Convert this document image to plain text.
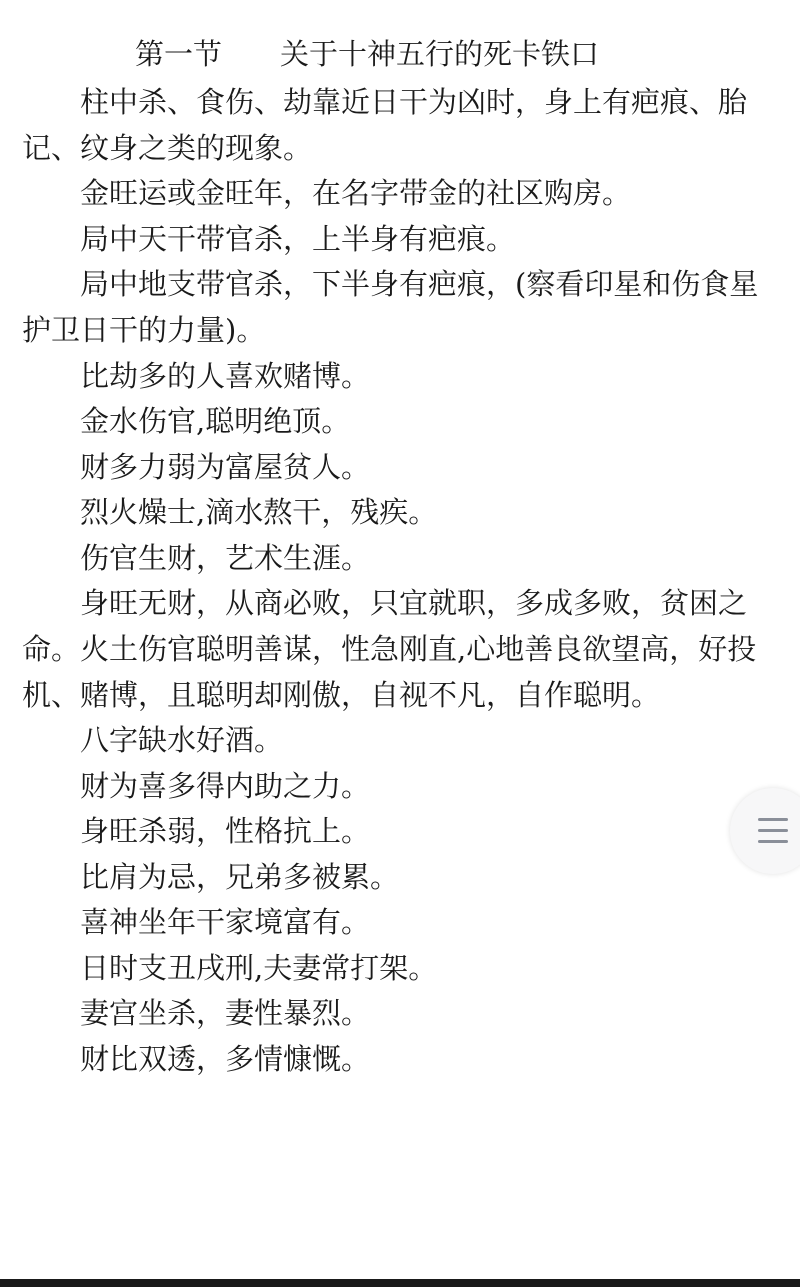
第一节　　关于十神五行的死卡铁口

柱中杀、食伤、劫靠近日干为凶时，身上有疤痕、胎记、纹身之类的现象。

金旺运或金旺年，在名字带金的社区购房。

局中天干带官杀，上半身有疤痕。

局中地支带官杀，下半身有疤痕，(察看印星和伤食星护卫日干的力量)。

比劫多的人喜欢赌博。

金水伤官,聪明绝顶。

财多力弱为富屋贫人。

烈火燥士,滴水熬干，残疾。

伤官生财，艺术生涯。

身旺无财，从商必败，只宜就职，多成多败，贫困之命。 火土伤官聪明善谋，性急刚直,心地善良欲望高，好投机、赌博，且聪明却刚傲，自视不凡，自作聪明。

八字缺水好酒。

财为喜多得内助之力。

身旺杀弱，性格抗上。

比肩为忌，兄弟多被累。

喜神坐年干家境富有。

日时支丑戌刑,夫妻常打架。

妻宫坐杀，妻性暴烈。

财比双透，多情慷慨。
